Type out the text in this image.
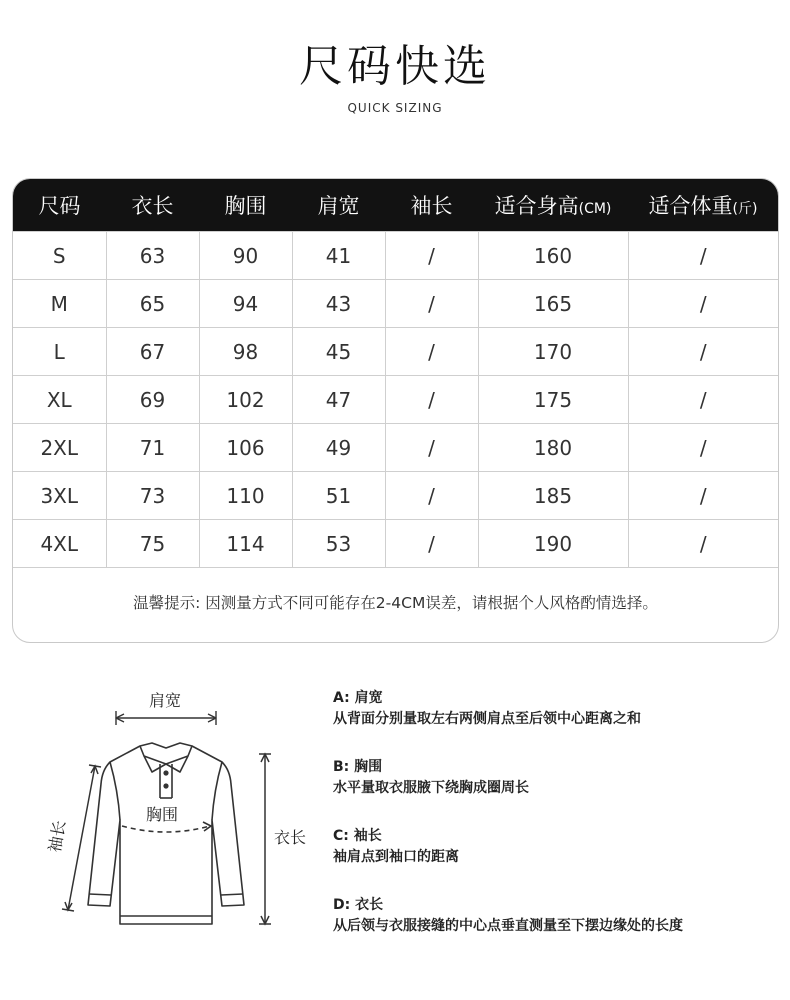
尺码快选
QUICK SIZING
尺码	衣长	胸围	肩宽	袖长	适合身高(CM)	适合体重(斤)
S	63	90	41	/	160	/
M	65	94	43	/	165	/
L	67	98	45	/	170	/
XL	69	102	47	/	175	/
2XL	71	106	49	/	180	/
3XL	73	110	51	/	185	/
4XL	75	114	53	/	190	/
温馨提示: 因测量方式不同可能存在2-4CM误差，请根据个人风格酌情选择。
肩宽
胸围
袖长	衣长
A: 肩宽
从背面分别量取左右两侧肩点至后领中心距离之和
B: 胸围
水平量取衣服腋下绕胸成圈周长
C: 袖长
袖肩点到袖口的距离
D: 衣长
从后领与衣服接缝的中心点垂直测量至下摆边缘处的长度
